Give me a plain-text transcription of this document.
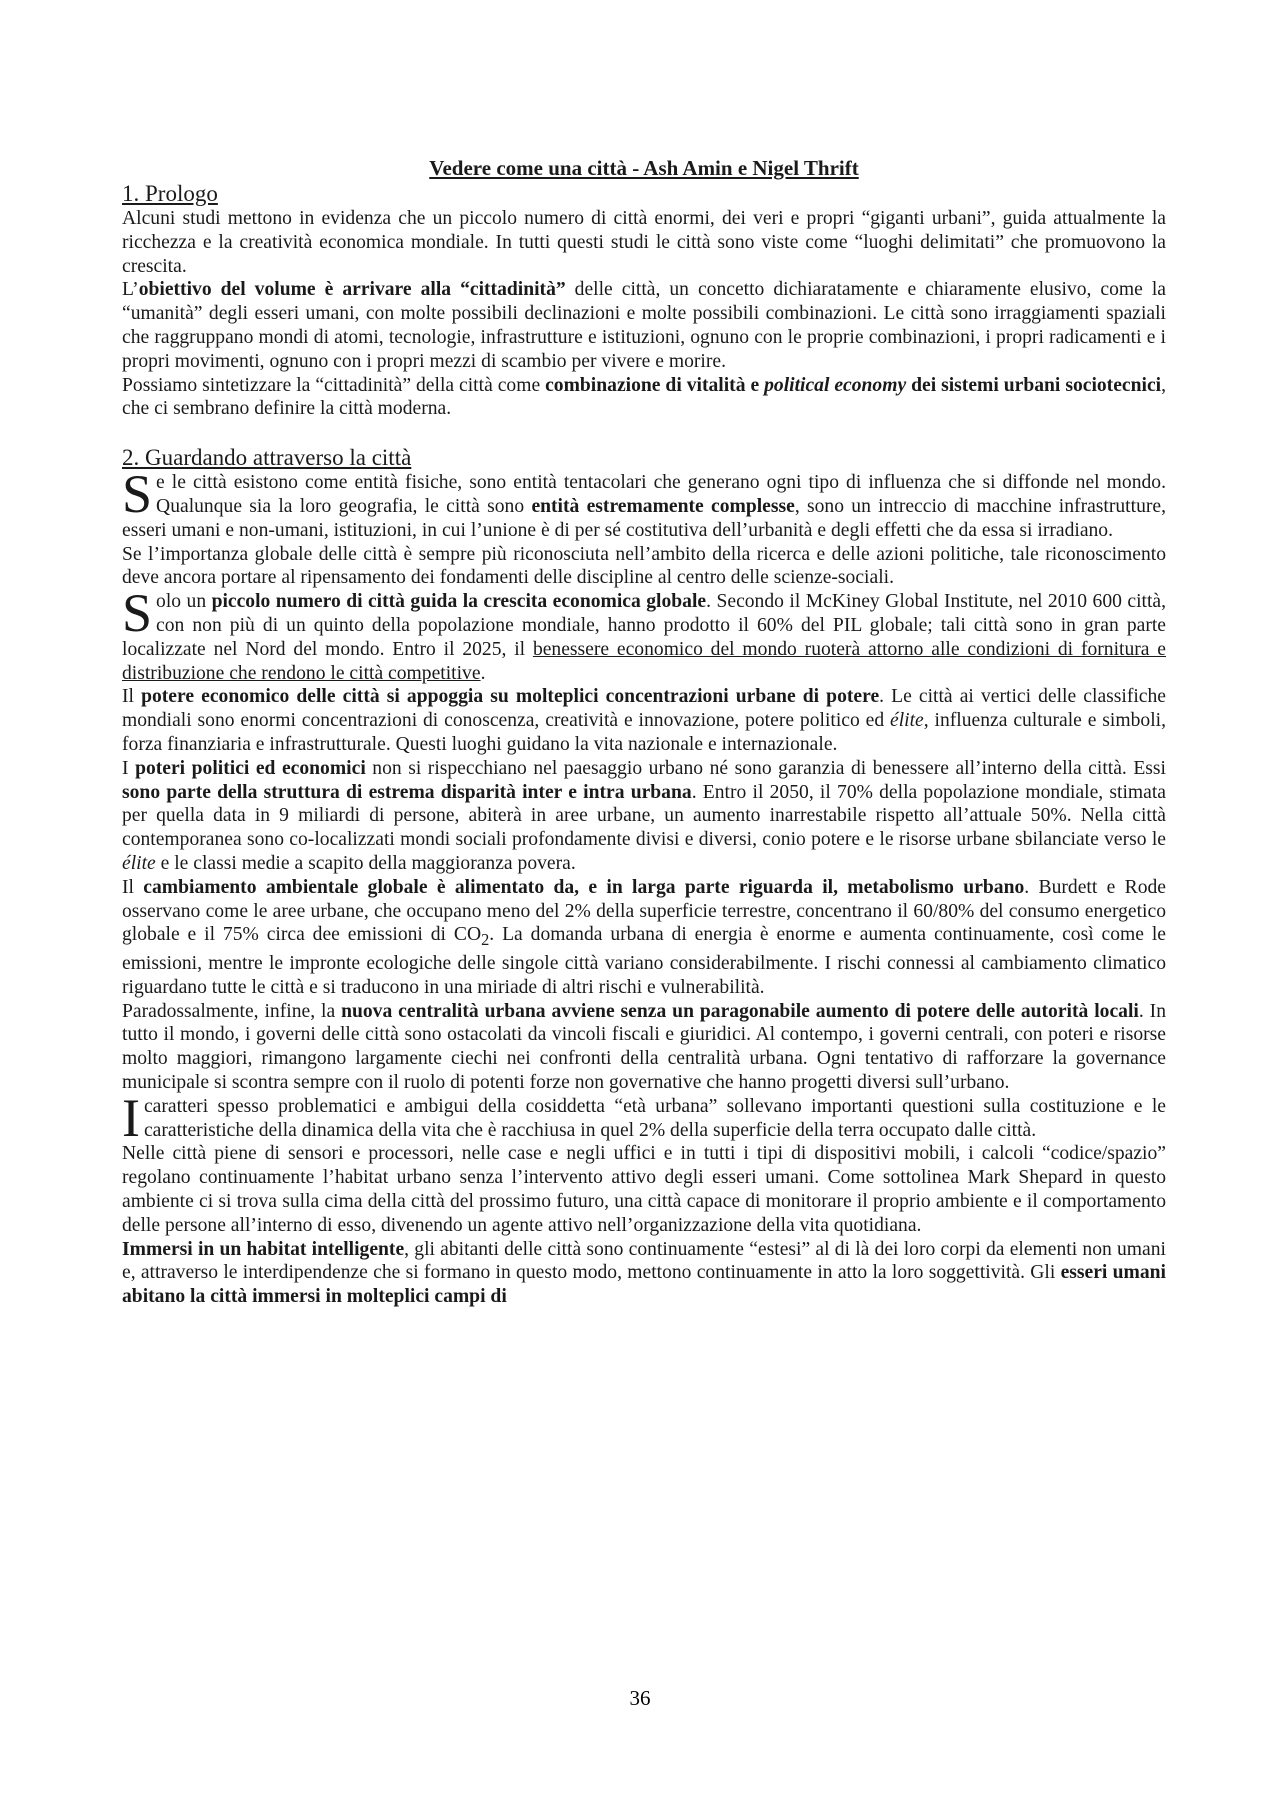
Vedere come una città - Ash Amin e Nigel Thrift

1. Prologo

Alcuni studi mettono in evidenza che un piccolo numero di città enormi, dei veri e propri “giganti urbani”, guida attualmente la ricchezza e la creatività economica mondiale. In tutti questi studi le città sono viste come “luoghi delimitati” che promuovono la crescita.

L’obiettivo del volume è arrivare alla “cittadinità” delle città, un concetto dichiaratamente e chiaramente elusivo, come la “umanità” degli esseri umani, con molte possibili declinazioni e molte possibili combinazioni. Le città sono irraggiamenti spaziali che raggruppano mondi di atomi, tecnologie, infrastrutture e istituzioni, ognuno con le proprie combinazioni, i propri radicamenti e i propri movimenti, ognuno con i propri mezzi di scambio per vivere e morire.

Possiamo sintetizzare la “cittadinità” della città come combinazione di vitalità e political economy dei sistemi urbani sociotecnici, che ci sembrano definire la città moderna.

2. Guardando attraverso la città

Se le città esistono come entità fisiche, sono entità tentacolari che generano ogni tipo di influenza che si diffonde nel mondo. Qualunque sia la loro geografia, le città sono entità estremamente complesse, sono un intreccio di macchine infrastrutture, esseri umani e non-umani, istituzioni, in cui l’unione è di per sé costitutiva dell’urbanità e degli effetti che da essa si irradiano.

Se l’importanza globale delle città è sempre più riconosciuta nell’ambito della ricerca e delle azioni politiche, tale riconoscimento deve ancora portare al ripensamento dei fondamenti delle discipline al centro delle scienze-sociali.

Solo un piccolo numero di città guida la crescita economica globale. Secondo il McKiney Global Institute, nel 2010 600 città, con non più di un quinto della popolazione mondiale, hanno prodotto il 60% del PIL globale; tali città sono in gran parte localizzate nel Nord del mondo. Entro il 2025, il benessere economico del mondo ruoterà attorno alle condizioni di fornitura e distribuzione che rendono le città competitive.

Il potere economico delle città si appoggia su molteplici concentrazioni urbane di potere. Le città ai vertici delle classifiche mondiali sono enormi concentrazioni di conoscenza, creatività e innovazione, potere politico ed élite, influenza culturale e simboli, forza finanziaria e infrastrutturale. Questi luoghi guidano la vita nazionale e internazionale.

I poteri politici ed economici non si rispecchiano nel paesaggio urbano né sono garanzia di benessere all’interno della città. Essi sono parte della struttura di estrema disparità inter e intra urbana. Entro il 2050, il 70% della popolazione mondiale, stimata per quella data in 9 miliardi di persone, abiterà in aree urbane, un aumento inarrestabile rispetto all’attuale 50%. Nella città contemporanea sono co-localizzati mondi sociali profondamente divisi e diversi, conio potere e le risorse urbane sbilanciate verso le élite e le classi medie a scapito della maggioranza povera.

Il cambiamento ambientale globale è alimentato da, e in larga parte riguarda il, metabolismo urbano. Burdett e Rode osservano come le aree urbane, che occupano meno del 2% della superficie terrestre, concentrano il 60/80% del consumo energetico globale e il 75% circa dee emissioni di $CO_2$. La domanda urbana di energia è enorme e aumenta continuamente, così come le emissioni, mentre le impronte ecologiche delle singole città variano considerabilmente. I rischi connessi al cambiamento climatico riguardano tutte le città e si traducono in una miriade di altri rischi e vulnerabilità.

Paradossalmente, infine, la nuova centralità urbana avviene senza un paragonabile aumento di potere delle autorità locali. In tutto il mondo, i governi delle città sono ostacolati da vincoli fiscali e giuridici. Al contempo, i governi centrali, con poteri e risorse molto maggiori, rimangono largamente ciechi nei confronti della centralità urbana. Ogni tentativo di rafforzare la governance municipale si scontra sempre con il ruolo di potenti forze non governative che hanno progetti diversi sull’urbano.

I caratteri spesso problematici e ambigui della cosiddetta “età urbana” sollevano importanti questioni sulla costituzione e le caratteristiche della dinamica della vita che è racchiusa in quel 2% della superficie della terra occupato dalle città.

Nelle città piene di sensori e processori, nelle case e negli uffici e in tutti i tipi di dispositivi mobili, i calcoli “codice/spazio” regolano continuamente l’habitat urbano senza l’intervento attivo degli esseri umani. Come sottolinea Mark Shepard in questo ambiente ci si trova sulla cima della città del prossimo futuro, una città capace di monitorare il proprio ambiente e il comportamento delle persone all’interno di esso, divenendo un agente attivo nell’organizzazione della vita quotidiana.

Immersi in un habitat intelligente, gli abitanti delle città sono continuamente “estesi” al di là dei loro corpi da elementi non umani e, attraverso le interdipendenze che si formano in questo modo, mettono continuamente in atto la loro soggettività. Gli esseri umani abitano la città immersi in molteplici campi di

36
